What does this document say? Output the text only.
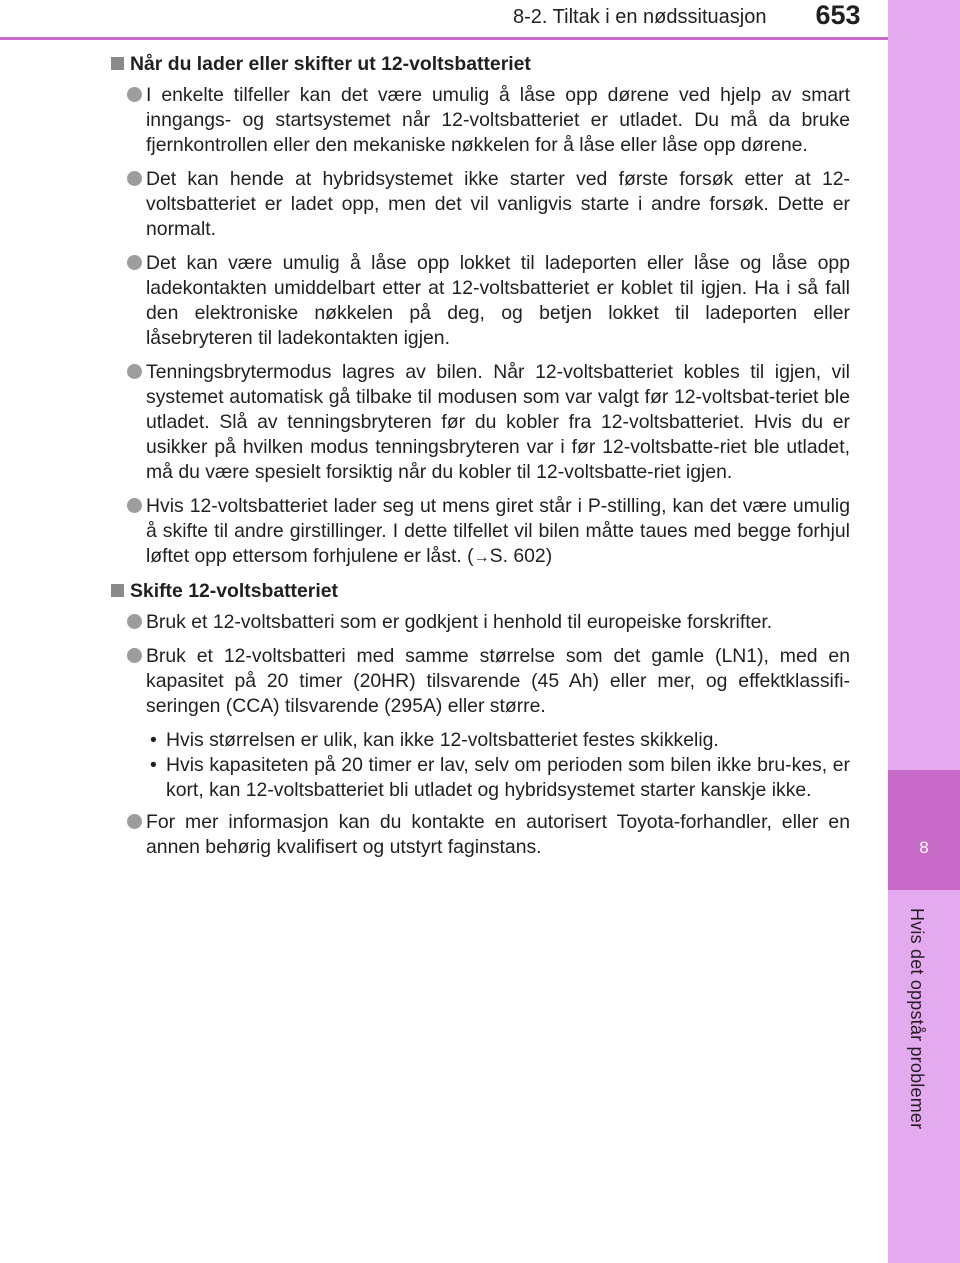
8-2. Tiltak i en nødssituasjon	653
8
Hvis det oppstår problemer
Når du lader eller skifter ut 12-voltsbatteriet
I enkelte tilfeller kan det være umulig å låse opp dørene ved hjelp av smart inngangs- og startsystemet når 12-voltsbatteriet er utladet. Du må da bruke fjernkontrollen eller den mekaniske nøkkelen for å låse eller låse opp dørene.
Det kan hende at hybridsystemet ikke starter ved første forsøk etter at 12-voltsbatteriet er ladet opp, men det vil vanligvis starte i andre forsøk. Dette er normalt.
Det kan være umulig å låse opp lokket til ladeporten eller låse og låse opp ladekontakten umiddelbart etter at 12-voltsbatteriet er koblet til igjen. Ha i så fall den elektroniske nøkkelen på deg, og betjen lokket til ladeporten eller låsebryteren til ladekontakten igjen.
Tenningsbrytermodus lagres av bilen. Når 12-voltsbatteriet kobles til igjen, vil systemet automatisk gå tilbake til modusen som var valgt før 12-voltsbat-teriet ble utladet. Slå av tenningsbryteren før du kobler fra 12-voltsbatteriet. Hvis du er usikker på hvilken modus tenningsbryteren var i før 12-voltsbatte-riet ble utladet, må du være spesielt forsiktig når du kobler til 12-voltsbatte-riet igjen.
Hvis 12-voltsbatteriet lader seg ut mens giret står i P-stilling, kan det være umulig å skifte til andre girstillinger. I dette tilfellet vil bilen måtte taues med begge forhjul løftet opp ettersom forhjulene er låst. (→S. 602)
Skifte 12-voltsbatteriet
Bruk et 12-voltsbatteri som er godkjent i henhold til europeiske forskrifter.
Bruk et 12-voltsbatteri med samme størrelse som det gamle (LN1), med en kapasitet på 20 timer (20HR) tilsvarende (45 Ah) eller mer, og effektklassifi-seringen (CCA) tilsvarende (295A) eller større.
• Hvis størrelsen er ulik, kan ikke 12-voltsbatteriet festes skikkelig.
• Hvis kapasiteten på 20 timer er lav, selv om perioden som bilen ikke bru-kes, er kort, kan 12-voltsbatteriet bli utladet og hybridsystemet starter kanskje ikke.
For mer informasjon kan du kontakte en autorisert Toyota-forhandler, eller en annen behørig kvalifisert og utstyrt faginstans.
